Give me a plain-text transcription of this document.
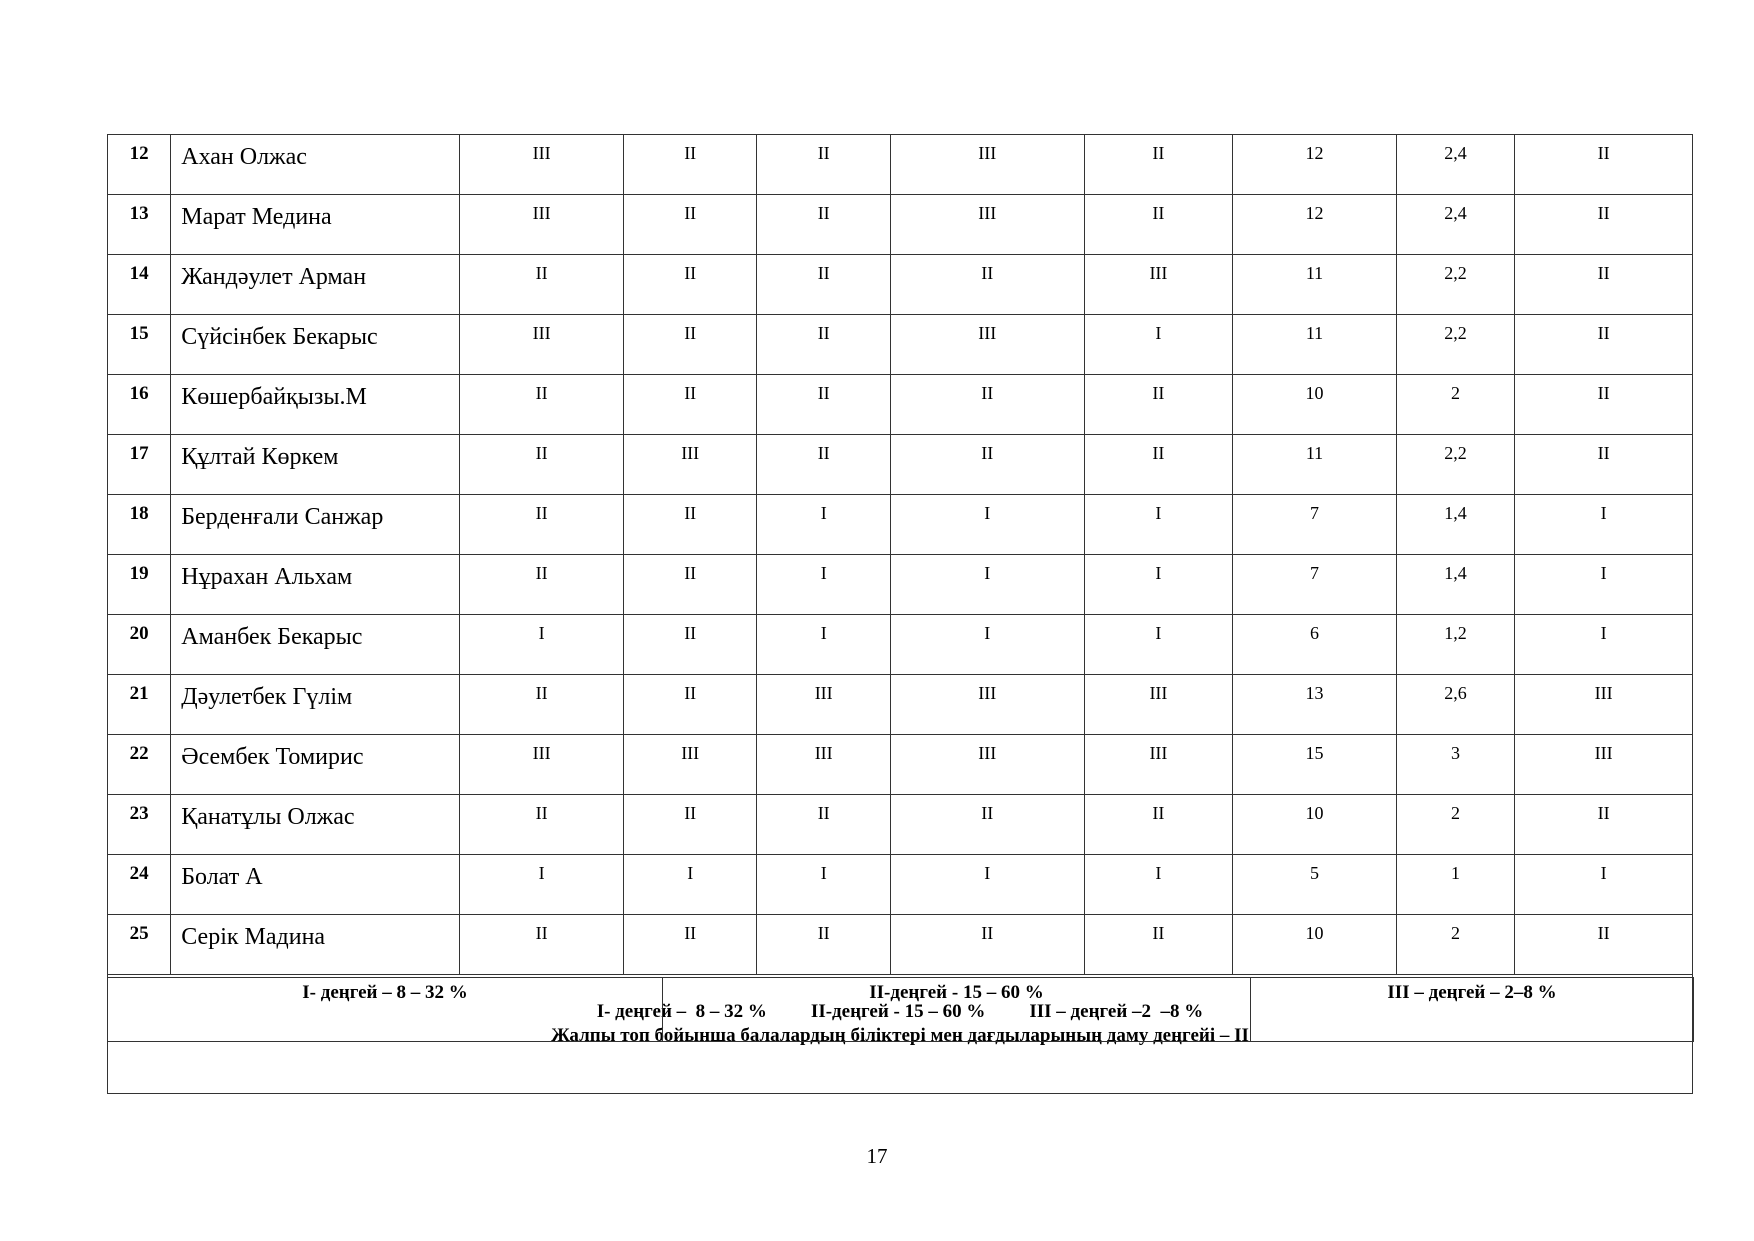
12	Ахан Олжас	III	II	II	III	II	12	2,4	II
13	Марат Медина	III	II	II	III	II	12	2,4	II
14	Жандәулет Арман	II	II	II	II	III	11	2,2	II
15	Сүйсінбек Бекарыс	III	II	II	III	I	11	2,2	II
16	Көшербайқызы.М	II	II	II	II	II	10	2	II
17	Құлтай Көркем	II	III	II	II	II	11	2,2	II
18	Берденғали Санжар	II	II	I	I	I	7	1,4	I
19	Нұрахан Альхам	II	II	I	I	I	7	1,4	I
20	Аманбек Бекарыс	I	II	I	I	I	6	1,2	I
21	Дәулетбек Гүлім	II	II	III	III	III	13	2,6	III
22	Әсембек Томирис	III	III	III	III	III	15	3	III
23	Қанатұлы Олжас	II	II	II	II	II	10	2	II
24	Болат А	I	I	I	I	I	5	1	I
25	Серік Мадина	II	II	II	II	II	10	2	II

I- деңгей –  8 – 32 % II-деңгей - 15 – 60 % III – деңгей –2  –8 %
Жалпы топ бойынша балалардың біліктері мен дағдыларының даму деңгейі – II									
I- деңгей – 8 – 32 %	II-деңгей - 15 – 60 %	III – деңгей – 2–8 %
17
